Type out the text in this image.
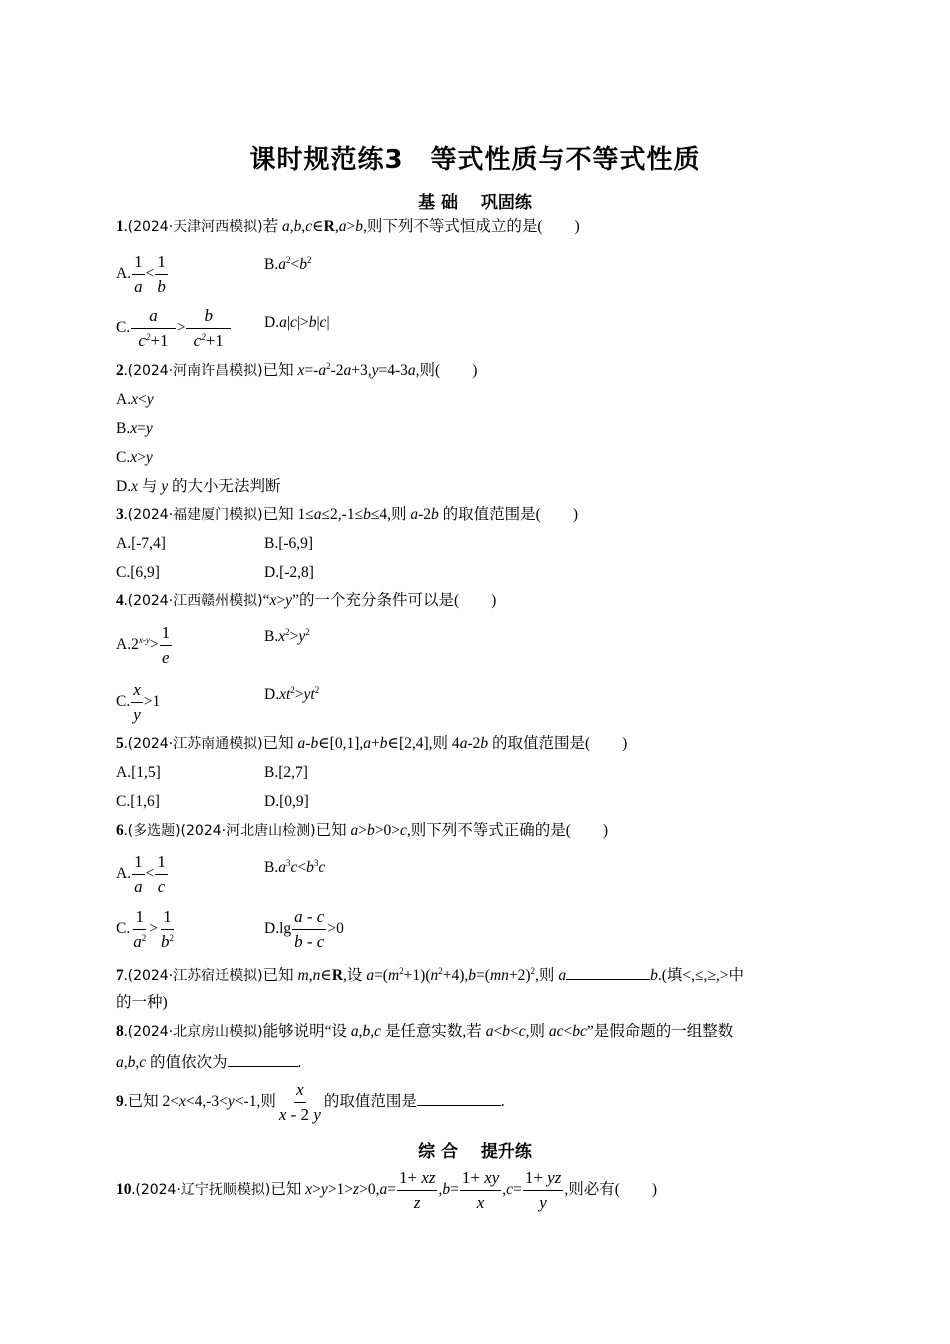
课时规范练3　等式性质与不等式性质
基 础　 巩固练
1.(2024·天津河西模拟)若 a,b,c∈R,a>b,则下列不等式恒成立的是( )
A. $\frac{1}{a} < \frac{1}{b}$	$B.a^2<b^2$
C. $\frac{a}{c^2+1} > \frac{b}{c^2+1} D.a|c|>b|c|$
2.(2024·河南许昌模拟)已知 $x=-a^2-2a+3,y=4-3a$,则( )
A.x<y
B.x=y
C.x>y
D.x 与 y 的大小无法判断
3.(2024·福建厦门模拟)已知 1≤a≤2,-1≤b≤4,则 a-2b 的取值范围是( )
A.[-7,4]	B.[-6,9]
C.[6,9]	D.[-2,8]
4.(2024·江西赣州模拟)“x>y”的一个充分条件可以是( )
$A.2^{x-y}> \frac{1}{e}$	$B.x^2>y^2$
C. $\frac{x}{y} >1$	$D.xt^2>yt^2$
5.(2024·江苏南通模拟)已知 a-b∈[0,1],a+b∈[2,4],则 4a-2b 的取值范围是( )
A.[1,5]	B.[2,7]
C.[1,6]	D.[0,9]
6.(多选题)(2024·河北唐山检测)已知 a>b>0>c,则下列不等式正确的是( )
A. $\frac{1}{a} < \frac{1}{c}$	$B.a^3c<b^3c$
C. $\frac{1}{a^2} > \frac{1}{b^2}$	$D.\lg \frac{a - c}{b - c} >0$
7.(2024·江苏宿迁模拟)已知 m,n∈R,设 $a=(m^2+1)(n^2+4),b=(mn+2)^2$,则 a	b.(填<,≤,≥,>中
的一种)
8.(2024·北京房山模拟)能够说明“设 a,b,c 是任意实数,若 a<b<c,则 ac<bc”是假命题的一组整数
a,b,c 的值依次为	.
9.已知 2<x<4,-3<y<-1,则 $\frac{x}{x - 2 y}$ 的取值范围是	.
综 合　 提升练
10.(2024·辽宁抚顺模拟)已知 $x>y>1>z>0,a= \frac{1+ xz}{z} ,b= \frac{1+ xy}{x} ,c= \frac{1+ yz}{y}$ ,则必有( )
